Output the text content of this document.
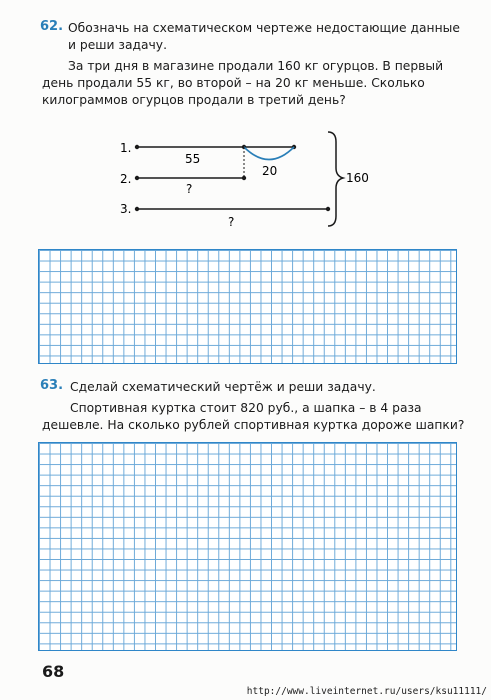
62. Обозначь на схематическом чертеже недостающие данные
и реши задачу.
За три дня в магазине продали 160 кг огурцов. В первый
день продали 55 кг, во второй – на 20 кг меньше. Сколько
килограммов огурцов продали в третий день?
1.
55
20
2.
?
3.
?
160
63. Сделай схематический чертёж и реши задачу.
Спортивная куртка стоит 820 руб., а шапка – в 4 раза
дешевле. На сколько рублей спортивная куртка дороже шапки?
68
http://www.liveinternet.ru/users/ksu11111/
